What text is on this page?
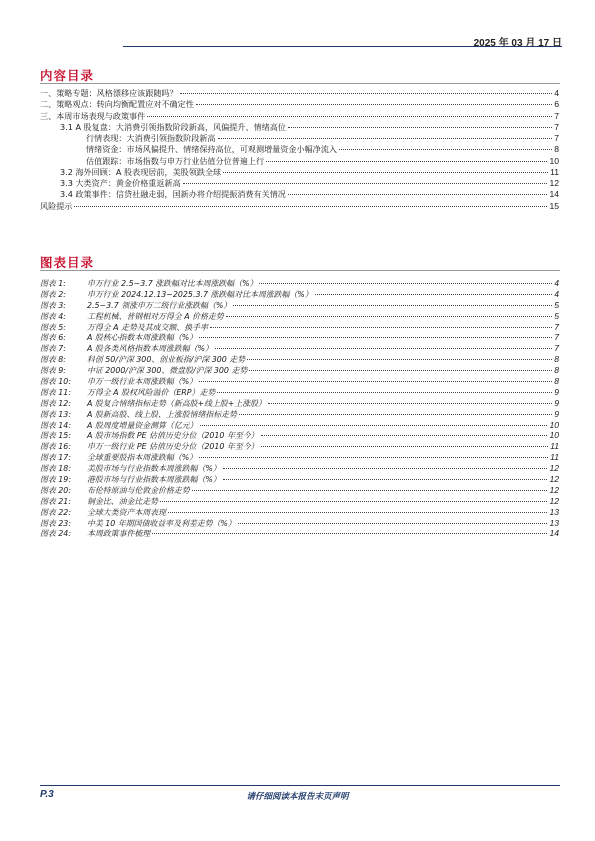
2025 年 03 月 17 日
内容目录
一、策略专题：风格漂移应该跟随吗？	4
二、策略观点：转向均衡配置应对不确定性	6
三、本周市场表现与政策事件	7
3.1 A 股复盘：大消费引领指数阶段新高，风偏提升、情绪高位	7
行情表现：大消费引领指数阶段新高	7
情绪资金：市场风偏提升、情绪保持高位，可观测增量资金小幅净流入	8
估值跟踪：市场指数与申万行业估值分位普遍上行	10
3.2 海外回顾：A 股表现居前，美股领跌全球	11
3.3 大类资产：黄金价格重返新高	12
3.4 政策事件：信贷社融走弱，国新办将介绍提振消费有关情况	14
风险提示	15
图表目录
图表 1:	申万行业 2.5~3.7 涨跌幅对比本周涨跌幅（%）	4
图表 2:	申万行业 2024.12.13~2025.3.7 涨跌幅对比本周涨跌幅（%）	4
图表 3:	2.5~3.7 领涨申万二级行业涨跌幅（%）	5
图表 4:	工程机械、普钢相对万得全 A 价格走势	5
图表 5:	万得全 A 走势及其成交额、换手率	7
图表 6:	A 股核心指数本周涨跌幅（%）	7
图表 7:	A 股各类风格指数本周涨跌幅（%）	7
图表 8:	科创 50/沪深 300、创业板指/沪深 300 走势	8
图表 9:	中证 2000/沪深 300、微盘股/沪深 300 走势	8
图表 10:	申万一级行业本周涨跌幅（%）	8
图表 11:	万得全 A 股权风险溢价（ERP）走势	9
图表 12:	A 股复合情绪指标走势（新高股+线上股+上涨股）	9
图表 13:	A 股新高股、线上股、上涨股情绪指标走势	9
图表 14:	A 股周度增量资金测算（亿元）	10
图表 15:	A 股市场指数 PE 估值历史分位（2010 年至今）	10
图表 16:	申万一级行业 PE 估值历史分位（2010 年至今）	11
图表 17:	全球重要股指本周涨跌幅（%）	11
图表 18:	美股市场与行业指数本周涨跌幅（%）	12
图表 19:	港股市场与行业指数本周涨跌幅（%）	12
图表 20:	布伦特原油与伦敦金价格走势	12
图表 21:	铜金比、油金比走势	12
图表 22:	全球大类资产本周表现	13
图表 23:	中美 10 年期国债收益率及利差走势（%）	13
图表 24:	本周政策事件梳理	14
P.3	请仔细阅读本报告末页声明
